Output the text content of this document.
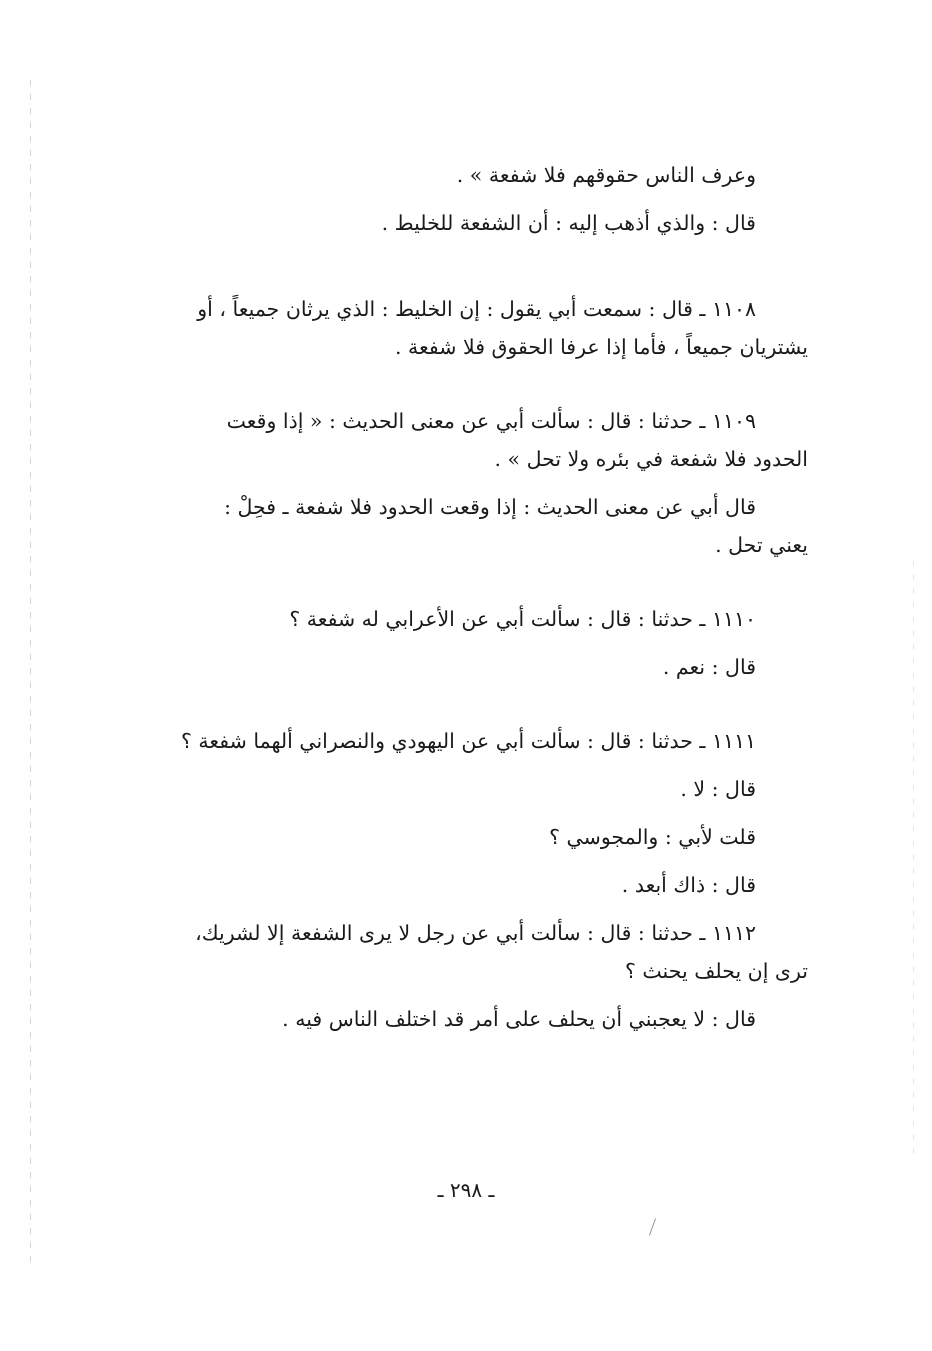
وعرف الناس حقوقهم فلا شفعة » .

قال : والذي أذهب إليه : أن الشفعة للخليط .

١١٠٨ ـ قال : سمعت أبي يقول : إن الخليط : الذي يرثان جميعاً ، أو

يشتريان جميعاً ، فأما إذا عرفا الحقوق فلا شفعة .

١١٠٩ ـ حدثنا : قال : سألت أبي عن معنى الحديث : « إذا وقعت

الحدود فلا شفعة في بئره ولا تحل » .

قال أبي عن معنى الحديث : إذا وقعت الحدود فلا شفعة ـ فحِلْ :

يعني تحل .

١١١٠ ـ حدثنا : قال : سألت أبي عن الأعرابي له شفعة ؟

قال : نعم .

١١١١ ـ حدثنا : قال : سألت أبي عن اليهودي والنصراني ألهما شفعة ؟

قال : لا .

قلت لأبي : والمجوسي ؟

قال : ذاك أبعد .

١١١٢ ـ حدثنا : قال : سألت أبي عن رجل لا يرى الشفعة إلا لشريك،

ترى إن يحلف يحنث ؟

قال : لا يعجبني أن يحلف على أمر قد اختلف الناس فيه .

ـ ٢٩٨ ـ
